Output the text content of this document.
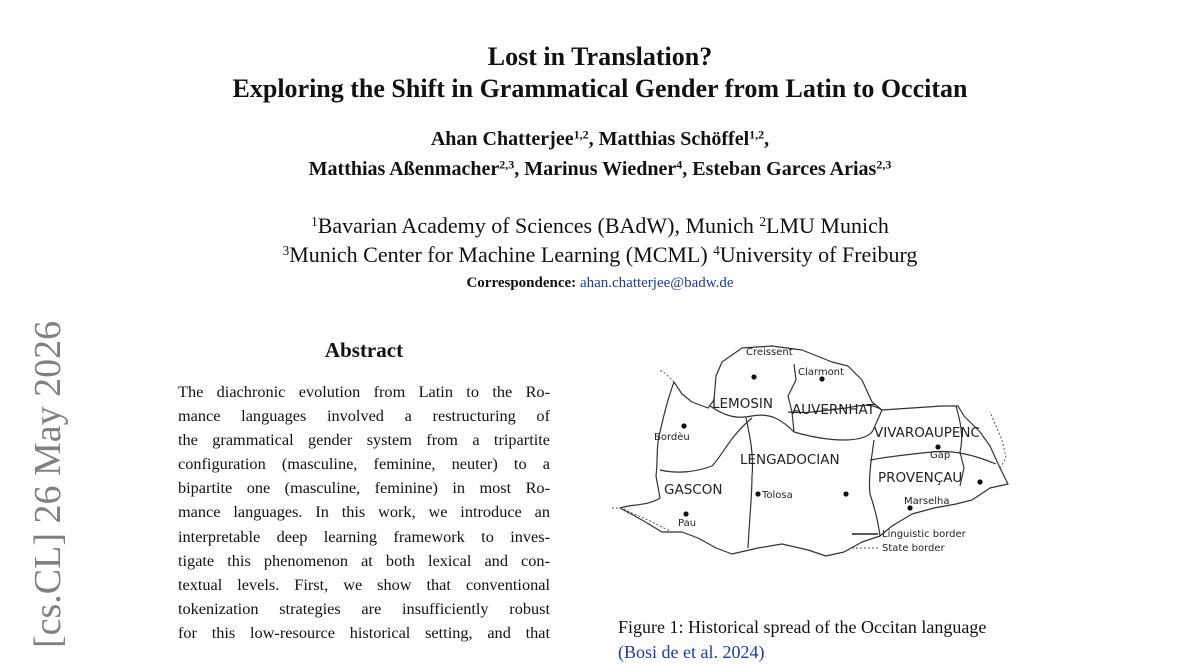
Lost in Translation?
Exploring the Shift in Grammatical Gender from Latin to Occitan
Ahan Chatterjee$^{1,2}$, Matthias Schöffel$^{1,2}$,
Matthias Aßenmacher$^{2,3}$, Marinus Wiedner$^4$, Esteban Garces Arias$^{2,3}$
$^1$Bavarian Academy of Sciences (BAdW), Munich $^2$LMU Munich
$^3$Munich Center for Machine Learning (MCML) $^4$University of Freiburg
Correspondence: ahan.chatterjee@badw.de
Abstract
The diachronic evolution from Latin to the Ro-
mance languages involved a restructuring of
the grammatical gender system from a tripartite
configuration (masculine, feminine, neuter) to a
bipartite one (masculine, feminine) in most Ro-
mance languages. In this work, we introduce an
interpretable deep learning framework to inves-
tigate this phenomenon at both lexical and con-
textual levels. First, we show that conventional
tokenization strategies are insufficiently robust
for this low-resource historical setting, and that
[cs.CL] 26 May 2026	LEMOSIN AUVERNHAT
VIVAROAUPENC
LENGADOCIAN
GASCON
PROVENÇAU
Creissent
Clarmont
Bordèu
Gap
Tolosa
Marselha
Pau
Linguistic border
State border
Figure 1: Historical spread of the Occitan language
(Bosi de et al. 2024)
